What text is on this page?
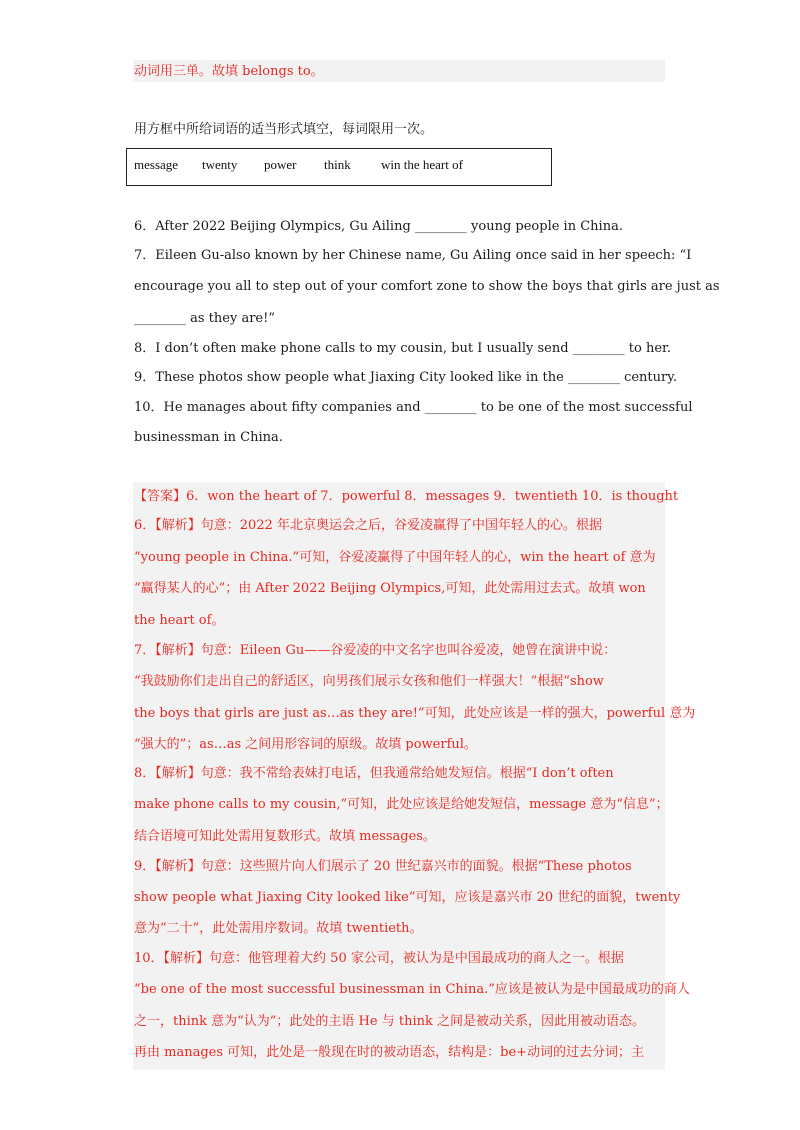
动词用三单。故填 belongs to。
用方框中所给词语的适当形式填空，每词限用一次。
message twenty power think win the heart of
6．After 2022 Beijing Olympics, Gu Ailing ________ young people in China.
7．Eileen Gu-also known by her Chinese name, Gu Ailing once said in her speech: “I
encourage you all to step out of your comfort zone to show the boys that girls are just as
________ as they are!”
8．I don’t often make phone calls to my cousin, but I usually send ________ to her.
9．These photos show people what Jiaxing City looked like in the ________ century.
10．He manages about fifty companies and ________ to be one of the most successful
businessman in China.
【答案】6．won the heart of 7．powerful 8．messages 9．twentieth 10．is thought
6．【解析】句意：2022 年北京奥运会之后，谷爱凌赢得了中国年轻人的心。根据
“young people in China.”可知，谷爱凌赢得了中国年轻人的心，win the heart of 意为
“赢得某人的心”；由 After 2022 Beijing Olympics,可知，此处需用过去式。故填 won
the heart of。
7．【解析】句意：Eileen Gu——谷爱凌的中文名字也叫谷爱凌，她曾在演讲中说：
“我鼓励你们走出自己的舒适区，向男孩们展示女孩和他们一样强大！”根据“show
the boys that girls are just as…as they are!”可知，此处应该是一样的强大，powerful 意为
“强大的”；as…as 之间用形容词的原级。故填 powerful。
8．【解析】句意：我不常给表妹打电话，但我通常给她发短信。根据“I don’t often
make phone calls to my cousin,”可知，此处应该是给她发短信，message 意为“信息”；
结合语境可知此处需用复数形式。故填 messages。
9．【解析】句意：这些照片向人们展示了 20 世纪嘉兴市的面貌。根据“These photos
show people what Jiaxing City looked like”可知，应该是嘉兴市 20 世纪的面貌，twenty
意为“二十”，此处需用序数词。故填 twentieth。
10．【解析】句意：他管理着大约 50 家公司，被认为是中国最成功的商人之一。根据
“be one of the most successful businessman in China.”应该是被认为是中国最成功的商人
之一，think 意为“认为”；此处的主语 He 与 think 之间是被动关系，因此用被动语态。
再由 manages 可知，此处是一般现在时的被动语态，结构是：be+动词的过去分词；主
